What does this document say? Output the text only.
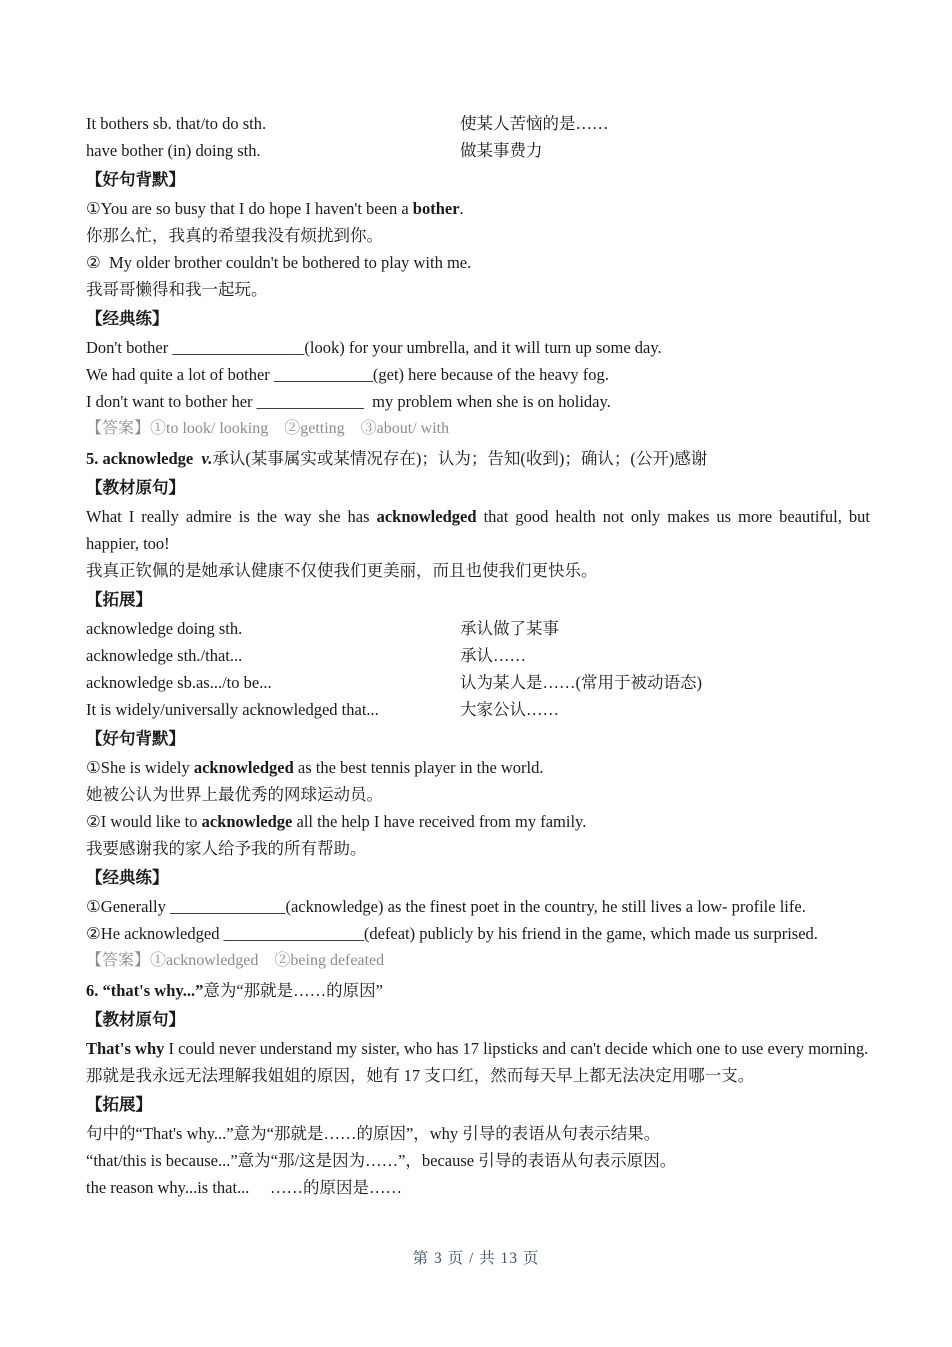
It bothers sb. that/to do sth.	使某人苦恼的是……
have bother (in) doing sth.	做某事费力
【好句背默】
①You are so busy that I do hope I haven't been a bother.
你那么忙，我真的希望我没有烦扰到你。
②  My older brother couldn't be bothered to play with me.
我哥哥懒得和我一起玩。
【经典练】
Don't bother ________________(look) for your umbrella, and it will turn up some day.
We had quite a lot of bother ____________(get) here because of the heavy fog.
I don't want to bother her _____________  my problem when she is on holiday.
【答案】①to look/ looking　②getting　③about/ with
5. acknowledge v.承认(某事属实或某情况存在)；认为；告知(收到)；确认；(公开)感谢
【教材原句】
What I really admire is the way she has acknowledged that good health not only makes us more beautiful, but happier, too!
我真正钦佩的是她承认健康不仅使我们更美丽，而且也使我们更快乐。
【拓展】
acknowledge doing sth.	承认做了某事
acknowledge sth./that...	承认……
acknowledge sb.as.../to be...	认为某人是……(常用于被动语态)
It is widely/universally acknowledged that...	大家公认……
【好句背默】
①She is widely acknowledged as the best tennis player in the world.
她被公认为世界上最优秀的网球运动员。
②I would like to acknowledge all the help I have received from my family.
我要感谢我的家人给予我的所有帮助。
【经典练】
①Generally ______________(acknowledge) as the finest poet in the country, he still lives a low- profile life.
②He acknowledged _________________(defeat) publicly by his friend in the game, which made us surprised.
【答案】①acknowledged　②being defeated
6. “that's why...”意为“那就是……的原因”
【教材原句】
That's why I could never understand my sister, who has 17 lipsticks and can't decide which one to use every morning.
那就是我永远无法理解我姐姐的原因，她有 17 支口红，然而每天早上都无法决定用哪一支。
【拓展】
句中的“That's why...”意为“那就是……的原因”，why 引导的表语从句表示结果。
“that/this is because...”意为“那/这是因为……”，because 引导的表语从句表示原因。
the reason why...is that...　 ……的原因是……
第 3 页 / 共 13 页
